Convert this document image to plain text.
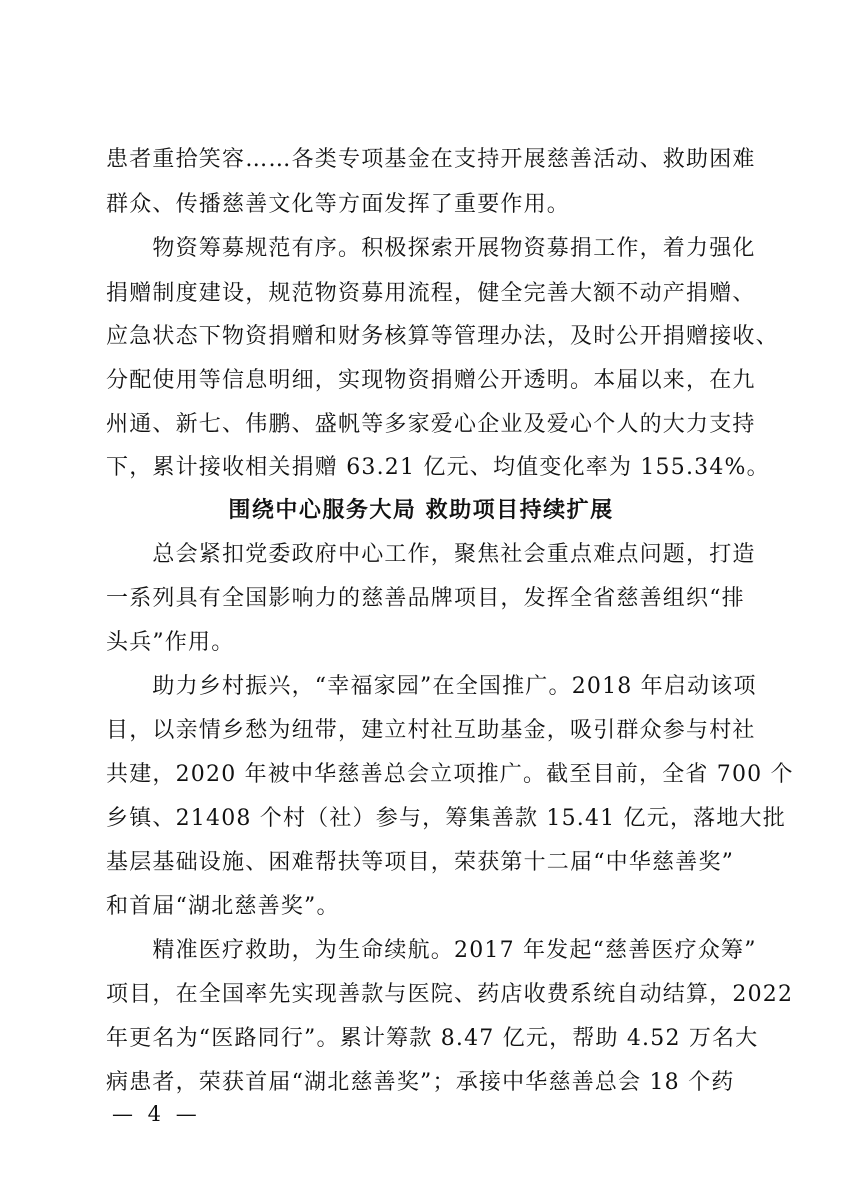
患者重拾笑容……各类专项基金在支持开展慈善活动、救助困难
群众、传播慈善文化等方面发挥了重要作用。
　　物资筹募规范有序。积极探索开展物资募捐工作，着力强化
捐赠制度建设，规范物资募用流程，健全完善大额不动产捐赠、
应急状态下物资捐赠和财务核算等管理办法，及时公开捐赠接收、
分配使用等信息明细，实现物资捐赠公开透明。本届以来，在九
州通、新七、伟鹏、盛帆等多家爱心企业及爱心个人的大力支持
下，累计接收相关捐赠 63.21 亿元、均值变化率为 155.34%。
围绕中心服务大局 救助项目持续扩展
　　总会紧扣党委政府中心工作，聚焦社会重点难点问题，打造
一系列具有全国影响力的慈善品牌项目，发挥全省慈善组织“排
头兵”作用。
　　助力乡村振兴，“幸福家园”在全国推广。2018 年启动该项
目，以亲情乡愁为纽带，建立村社互助基金，吸引群众参与村社
共建，2020 年被中华慈善总会立项推广。截至目前，全省 700 个
乡镇、21408 个村（社）参与，筹集善款 15.41 亿元，落地大批
基层基础设施、困难帮扶等项目，荣获第十二届“中华慈善奖”
和首届“湖北慈善奖”。
　　精准医疗救助，为生命续航。2017 年发起“慈善医疗众筹”
项目，在全国率先实现善款与医院、药店收费系统自动结算，2022
年更名为“医路同行”。累计筹款 8.47 亿元，帮助 4.52 万名大
病患者，荣获首届“湖北慈善奖”；承接中华慈善总会 18 个药
— 4 —
